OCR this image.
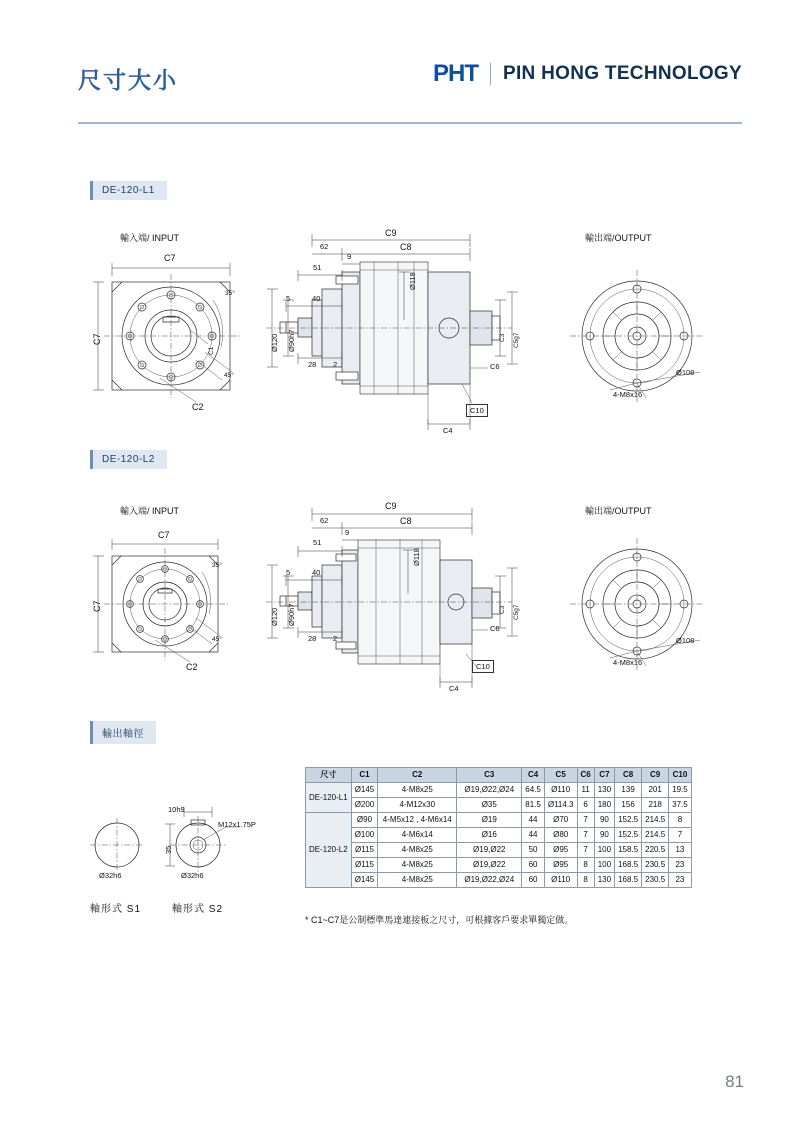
尺寸大小	PHT PIN HONG TECHNOLOGY
DE-120-L1
輸入端/ INPUT	輸出端/OUTPUT
C7
C7
C2
C1
35°
45°
C9
C8
62
51
9
5	40
28 2
Ø118
Ø120 Ø90h7	C3 C5g7
C6
C10
C4
Ø108
4-M8x16
DE-120-L2
輸入端/ INPUT	輸出端/OUTPUT
C7
C7
C2
35°
45°
C9
C8
62
51
9
5	40
28 2
Ø118
Ø120 Ø90h7	C3 C5g7
C6
C10
C4
Ø108
4-M8x16
輸出軸徑
10h9
35
M12x1.75P
Ø32h6	Ø32h6
軸形式 S1	軸形式 S2
尺寸	C1	C2	C3	C4	C5	C6	C7	C8	C9	C10
DE-120-L1	Ø145	4-M8x25	Ø19,Ø22,Ø24	64.5	Ø110	11	130	139	201	19.5
	Ø200	4-M12x30	Ø35	81.5	Ø114.3	6	180	156	218	37.5
DE-120-L2	Ø90	4-M5x12 , 4-M6x14	Ø19	44	Ø70	7	90	152.5	214.5	8
	Ø100	4-M6x14	Ø16	44	Ø80	7	90	152.5	214.5	7
	Ø115	4-M8x25	Ø19,Ø22	50	Ø95	7	100	158.5	220.5	13
	Ø115	4-M8x25	Ø19,Ø22	60	Ø95	8	100	168.5	230.5	23
	Ø145	4-M8x25	Ø19,Ø22,Ø24	60	Ø110	8	130	168.5	230.5	23
* C1~C7是公制標準馬達連接板之尺寸，可根據客戶要求單獨定做。
81
